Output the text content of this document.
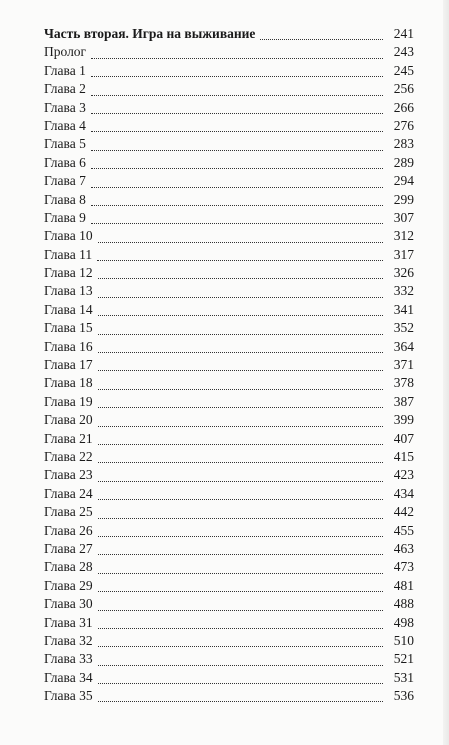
Часть вторая. Игра на выживание	241
Пролог	243
Глава 1	245
Глава 2	256
Глава 3	266
Глава 4	276
Глава 5	283
Глава 6	289
Глава 7	294
Глава 8	299
Глава 9	307
Глава 10	312
Глава 11	317
Глава 12	326
Глава 13	332
Глава 14	341
Глава 15	352
Глава 16	364
Глава 17	371
Глава 18	378
Глава 19	387
Глава 20	399
Глава 21	407
Глава 22	415
Глава 23	423
Глава 24	434
Глава 25	442
Глава 26	455
Глава 27	463
Глава 28	473
Глава 29	481
Глава 30	488
Глава 31	498
Глава 32	510
Глава 33	521
Глава 34	531
Глава 35	536
